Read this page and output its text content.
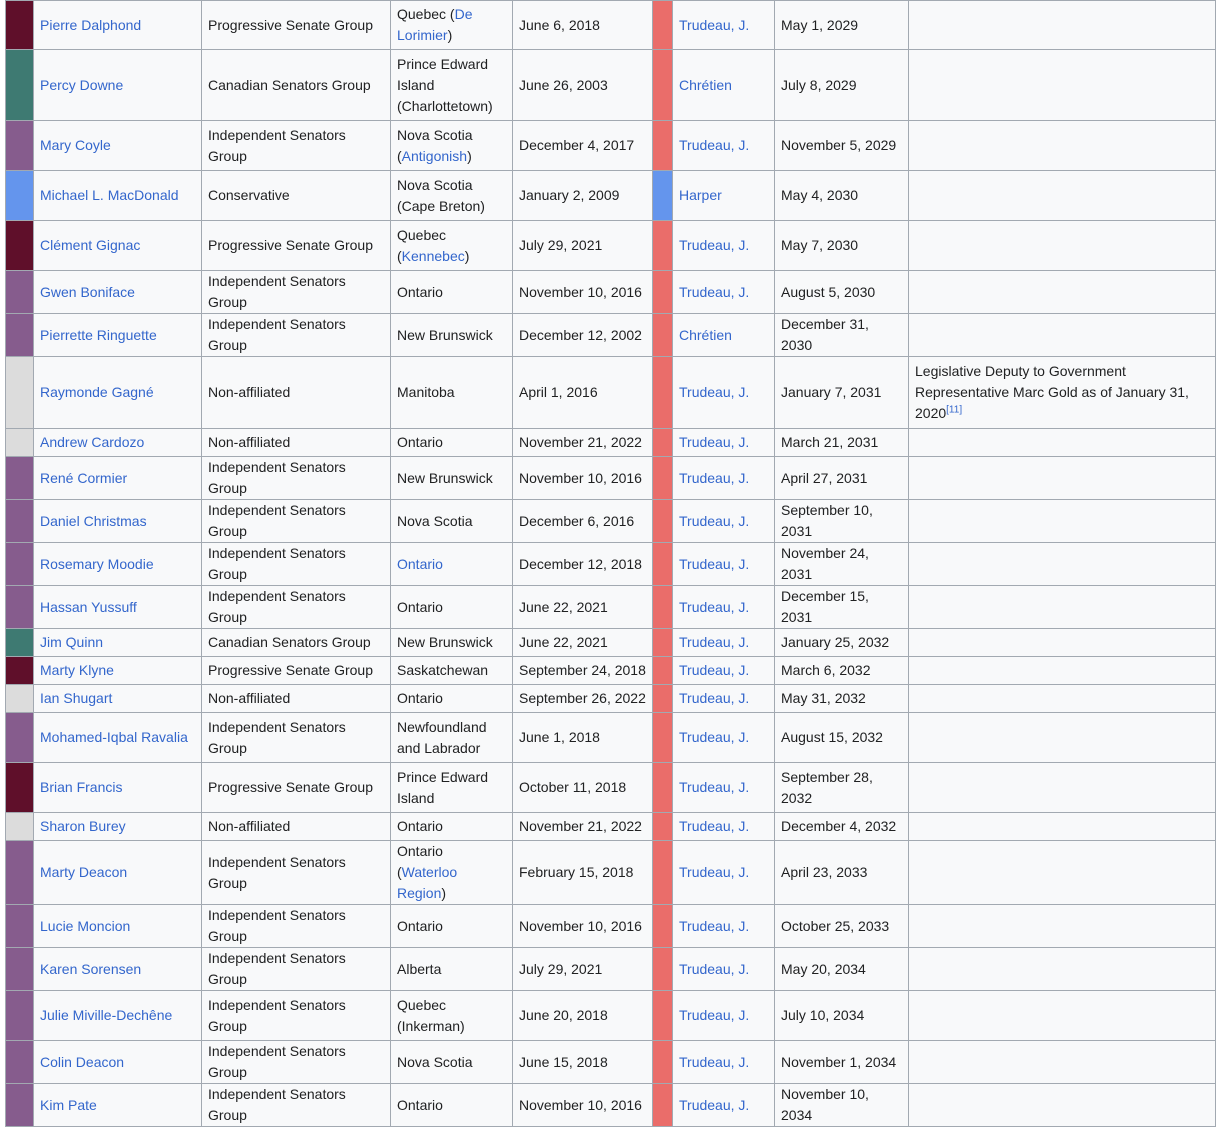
	Pierre Dalphond	Progressive Senate Group	Quebec (De Lorimier)	June 6, 2018		Trudeau, J.	May 1, 2029	
	Percy Downe	Canadian Senators Group	Prince Edward Island (Charlottetown)	June 26, 2003		Chrétien	July 8, 2029	
	Mary Coyle	Independent Senators Group	Nova Scotia (Antigonish)	December 4, 2017		Trudeau, J.	November 5, 2029	
	Michael L. MacDonald	Conservative	Nova Scotia (Cape Breton)	January 2, 2009		Harper	May 4, 2030	
	Clément Gignac	Progressive Senate Group	Quebec (Kennebec)	July 29, 2021		Trudeau, J.	May 7, 2030	
	Gwen Boniface	Independent Senators Group	Ontario	November 10, 2016		Trudeau, J.	August 5, 2030	
	Pierrette Ringuette	Independent Senators Group	New Brunswick	December 12, 2002		Chrétien	December 31, 2030	
	Raymonde Gagné	Non-affiliated	Manitoba	April 1, 2016		Trudeau, J.	January 7, 2031	Legislative Deputy to Government Representative Marc Gold as of January 31, 2020[11]
	Andrew Cardozo	Non-affiliated	Ontario	November 21, 2022		Trudeau, J.	March 21, 2031	
	René Cormier	Independent Senators Group	New Brunswick	November 10, 2016		Trudeau, J.	April 27, 2031	
	Daniel Christmas	Independent Senators Group	Nova Scotia	December 6, 2016		Trudeau, J.	September 10, 2031	
	Rosemary Moodie	Independent Senators Group	Ontario	December 12, 2018		Trudeau, J.	November 24, 2031	
	Hassan Yussuff	Independent Senators Group	Ontario	June 22, 2021		Trudeau, J.	December 15, 2031	
	Jim Quinn	Canadian Senators Group	New Brunswick	June 22, 2021		Trudeau, J.	January 25, 2032	
	Marty Klyne	Progressive Senate Group	Saskatchewan	September 24, 2018		Trudeau, J.	March 6, 2032	
	Ian Shugart	Non-affiliated	Ontario	September 26, 2022		Trudeau, J.	May 31, 2032	
	Mohamed-Iqbal Ravalia	Independent Senators Group	Newfoundland and Labrador	June 1, 2018		Trudeau, J.	August 15, 2032	
	Brian Francis	Progressive Senate Group	Prince Edward Island	October 11, 2018		Trudeau, J.	September 28, 2032	
	Sharon Burey	Non-affiliated	Ontario	November 21, 2022		Trudeau, J.	December 4, 2032	
	Marty Deacon	Independent Senators Group	Ontario (Waterloo Region)	February 15, 2018		Trudeau, J.	April 23, 2033	
	Lucie Moncion	Independent Senators Group	Ontario	November 10, 2016		Trudeau, J.	October 25, 2033	
	Karen Sorensen	Independent Senators Group	Alberta	July 29, 2021		Trudeau, J.	May 20, 2034	
	Julie Miville-Dechêne	Independent Senators Group	Quebec (Inkerman)	June 20, 2018		Trudeau, J.	July 10, 2034	
	Colin Deacon	Independent Senators Group	Nova Scotia	June 15, 2018		Trudeau, J.	November 1, 2034	
	Kim Pate	Independent Senators Group	Ontario	November 10, 2016		Trudeau, J.	November 10, 2034	
